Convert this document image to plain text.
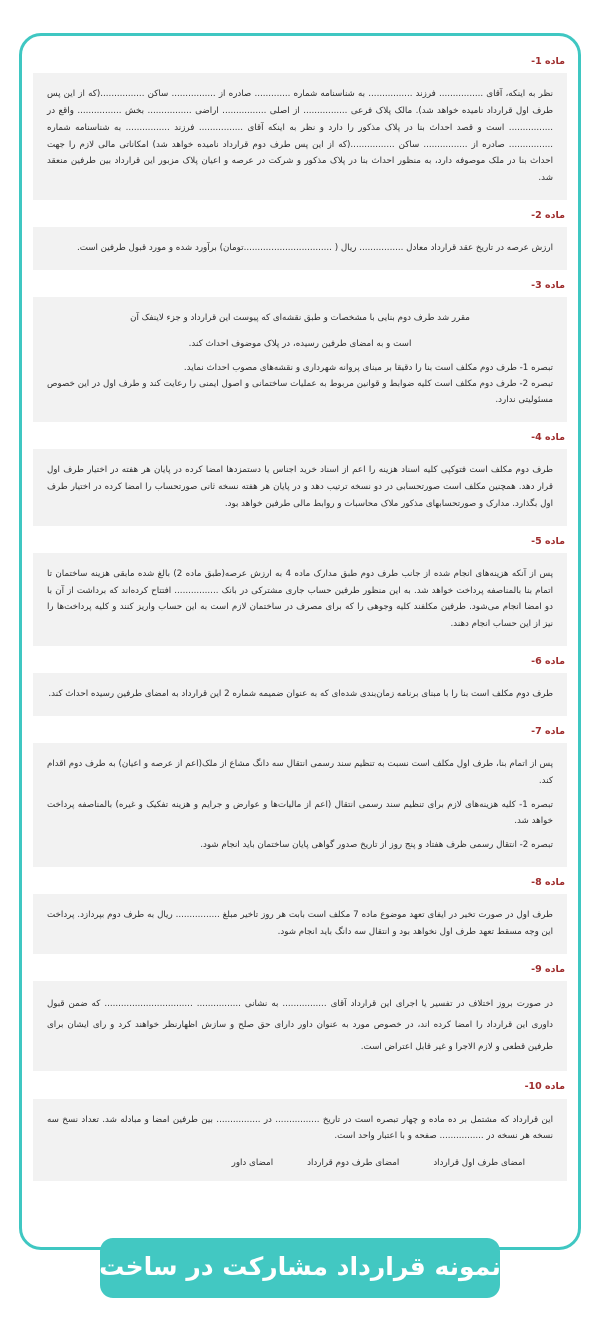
ماده 1-

نظر به اینکه، آقای ................ فرزند ................ به شناسنامه شماره ............. صادره از ................ ساکن ................(که از این پس طرف اول قرارداد نامیده خواهد شد). مالک پلاک فرعی ................ از اصلی ................ اراضی ................ بخش ................ واقع در ................ است و قصد احداث بنا در پلاک مذکور را دارد و نظر به اینکه آقای ................ فرزند ................ به شناسنامه شماره ................ صادره از ................ ساکن ................(که از این پس طرف دوم قرارداد نامیده خواهد شد) امکاناتی مالی لازم را جهت احداث بنا در ملک موصوفه دارد، به منظور احداث بنا در پلاک مذکور و شرکت در عرصه و اعیان پلاک مزبور این قرارداد بین طرفین منعقد شد.

ماده 2-

ارزش عرصه در تاریخ عقد قرارداد معادل ................ ریال ( ................................تومان) برآورد شده و مورد قبول طرفین است.

ماده 3-

مقرر شد طرف دوم بنایی با مشخصات و طبق نقشه‌ای که پیوست این قرارداد و جزء لاینفک آن

است و به امضای طرفین رسیده، در پلاک موضوف احداث کند.

تبصره 1- طرف دوم مکلف است بنا را دقیقا بر مبنای پروانه شهرداری و نقشه‌های مصوب احداث نماید.

تبصره 2- طرف دوم مکلف است کلیه ضوابط و قوانین مربوط به عملیات ساختمانی و اصول ایمنی را رعایت کند و طرف اول در این خصوص مسئولیتی ندارد.

ماده 4-

طرف دوم مکلف است فتوکپی کلیه اسناد هزینه را اعم از اسناد خرید اجناس یا دستمزدها امضا کرده در پایان هر هفته در اختیار طرف اول قرار دهد. همچنین مکلف است صورتحسابی در دو نسخه ترتیب دهد و در پایان هر هفته نسخه ثانی صورتحساب را امضا کرده در اختیار طرف اول بگذارد. مدارک و صورتحسابهای مذکور ملاک محاسبات و روابط مالی طرفین خواهد بود.

ماده 5-

پس از آنکه هزینه‌های انجام شده از جانب طرف دوم طبق مدارک ماده 4 به ارزش عرصه(طبق ماده 2) بالغ شده مابقی هزینه ساختمان تا اتمام بنا بالمناصفه پرداخت خواهد شد. به این منظور طرفین حساب جاری مشترکی در بانک ................ افتتاح کرده‌اند که برداشت از آن با دو امضا انجام می‌شود. طرفین مکلفند کلیه وجوهی را که برای مصرف در ساختمان لازم است به این حساب واریز کنند و کلیه پرداخت‌ها را نیز از این حساب انجام دهند.

ماده 6-

طرف دوم مکلف است بنا را با مبنای برنامه زمان‌بندی شده‌ای که به عنوان ضمیمه شماره 2 این قرارداد به امضای طرفین رسیده احداث کند.

ماده 7-

پس از اتمام بنا، طرف اول مکلف است نسبت به تنظیم سند رسمی انتقال سه دانگ مشاع از ملک(اعم از عرصه و اعیان) به طرف دوم اقدام کند.

تبصره 1- کلیه هزینه‌های لازم برای تنظیم سند رسمی انتقال (اعم از مالیات‌ها و عوارض و جرایم و هزینه تفکیک و غیره) بالمناصفه پرداخت خواهد شد.

تبصره 2- انتقال رسمی ظرف هفتاد و پنج روز از تاریخ صدور گواهی پایان ساختمان باید انجام شود.

ماده 8-

طرف اول در صورت تخیر در ایفای تعهد موضوع ماده 7 مکلف است بابت هر روز تاخیر مبلغ ................ ریال به طرف دوم بپردازد. پرداخت این وجه مسقط تعهد طرف اول نخواهد بود و انتقال سه دانگ باید انجام شود.

ماده 9-

در صورت بروز اختلاف در تفسیر یا اجرای این قرارداد آقای ................ به نشانی ................ ................................ که ضمن قبول داوری این قرارداد را امضا کرده اند، در خصوص مورد به عنوان داور دارای حق صلح و سازش اظهارنظر خواهند کرد و رای ایشان برای طرفین قطعی و لازم الاجرا و غیر قابل اعتراض است.

ماده 10-

این قرارداد که مشتمل بر ده ماده و چهار تبصره است در تاریخ ................ در ................ بین طرفین امضا و مبادله شد. تعداد نسخ سه نسخه هر نسخه در ................ صفحه و با اعتبار واحد است.

امضای طرف اول قرارداد
امضای طرف دوم قرارداد
امضای داور
نمونه قرارداد مشارکت در ساخت
